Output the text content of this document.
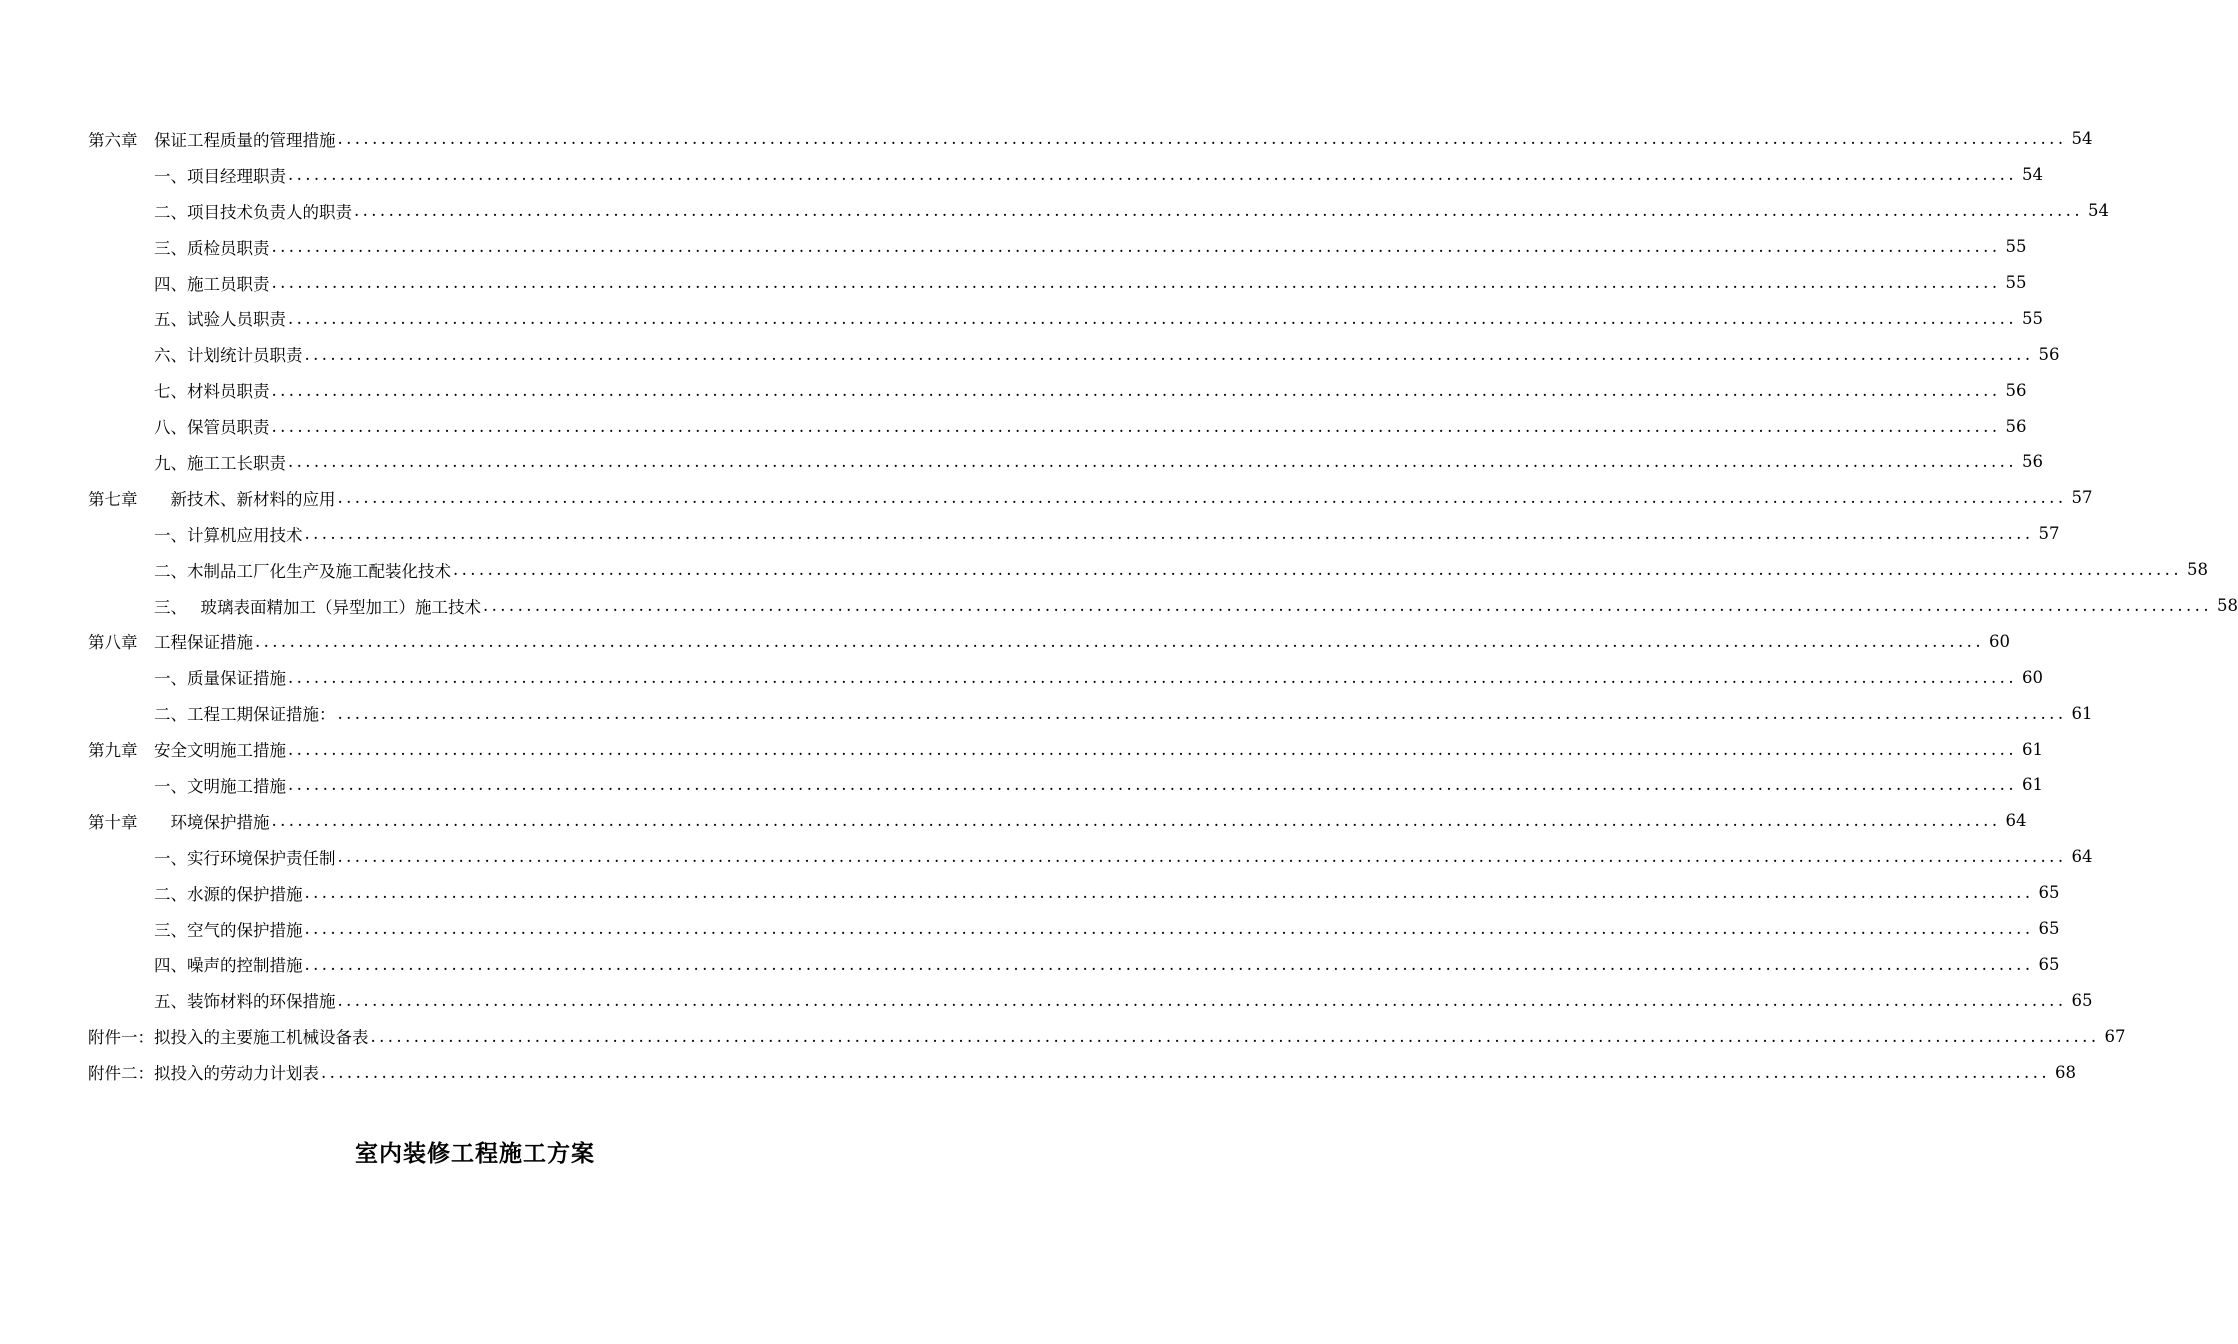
第六章　保证工程质量的管理措施 ........................................................................................................................................................................................................ 54
一、项目经理职责 ........................................................................................................................................................................................................ 54
二、项目技术负责人的职责 ........................................................................................................................................................................................................ 54
三、质检员职责 ........................................................................................................................................................................................................ 55
四、施工员职责 ........................................................................................................................................................................................................ 55
五、试验人员职责 ........................................................................................................................................................................................................ 55
六、计划统计员职责 ........................................................................................................................................................................................................ 56
七、材料员职责 ........................................................................................................................................................................................................ 56
八、保管员职责 ........................................................................................................................................................................................................ 56
九、施工工长职责 ........................................................................................................................................................................................................ 56
第七章　　新技术、新材料的应用 ........................................................................................................................................................................................................ 57
一、计算机应用技术 ........................................................................................................................................................................................................ 57
二、木制品工厂化生产及施工配装化技术 ........................................................................................................................................................................................................ 58
三、　 玻璃表面精加工（异型加工）施工技术 ........................................................................................................................................................................................................ 58
第八章　工程保证措施 ........................................................................................................................................................................................................ 60
一、质量保证措施 ........................................................................................................................................................................................................ 60
二、工程工期保证措施： ........................................................................................................................................................................................................ 61
第九章　安全文明施工措施 ........................................................................................................................................................................................................ 61
一、文明施工措施 ........................................................................................................................................................................................................ 61
第十章　　环境保护措施 ........................................................................................................................................................................................................ 64
一、实行环境保护责任制 ........................................................................................................................................................................................................ 64
二、水源的保护措施 ........................................................................................................................................................................................................ 65
三、空气的保护措施 ........................................................................................................................................................................................................ 65
四、噪声的控制措施 ........................................................................................................................................................................................................ 65
五、装饰材料的环保措施 ........................................................................................................................................................................................................ 65
附件一：拟投入的主要施工机械设备表 ........................................................................................................................................................................................................ 67
附件二：拟投入的劳动力计划表 ........................................................................................................................................................................................................ 68
室内装修工程施工方案
